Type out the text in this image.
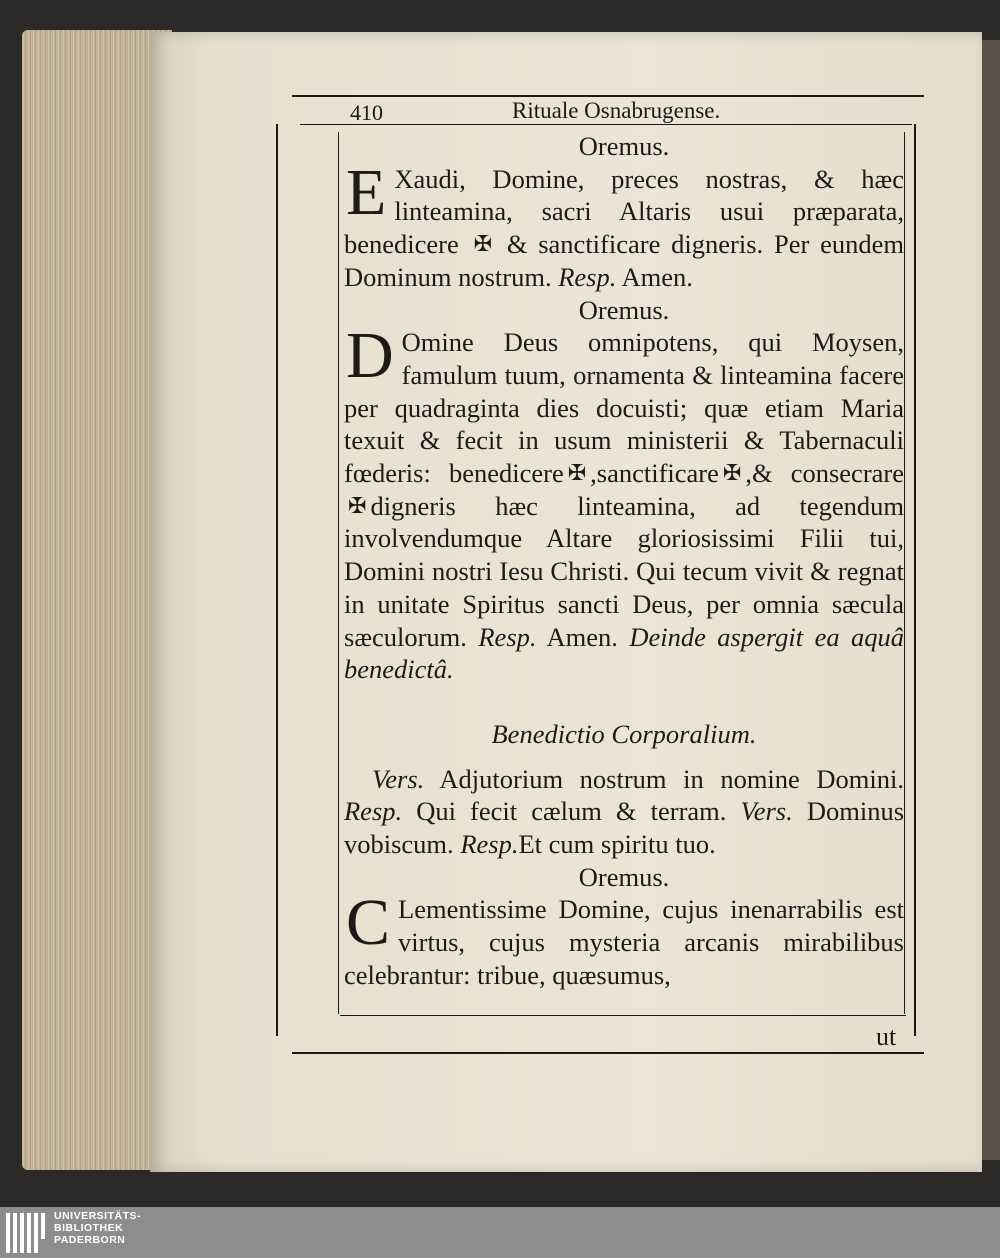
410	Rituale Osnabrugense.
Oremus.

E Xaudi, Domine, preces nostras, & hæc linteamina, sacri Altaris usui præparata, benedicere ✠ & sanctificare digneris. Per eundem Dominum nostrum. Resp. Amen.

Oremus.

D Omine Deus omnipotens, qui Moysen, famulum tuum, ornamenta & linteamina facere per quadraginta dies docuisti; quæ etiam Maria texuit & fecit in usum ministerii & Tabernaculi fœderis: benedicere ✠ ,sanctificare ✠ ,& consecrare✠ digneris hæc linteamina, ad tegendum involvendumque Altare gloriosissimi Filii tui, Domini nostri Iesu Christi. Qui tecum vivit & regnat in unitate Spiritus sancti Deus, per omnia sæcula sæculorum. Resp. Amen. Deinde aspergit ea aquâ benedictâ.

Benedictio Corporalium.

Vers. Adjutorium nostrum in nomine Domini. Resp. Qui fecit cælum & terram. Vers. Dominus vobiscum. Resp.Et cum spiritu tuo.

Oremus.

C Lementissime Domine, cujus inenarrabilis est virtus, cujus mysteria arcanis mirabilibus celebrantur: tribue, quæsumus,

ut
UNIVERSITÄTS-
BIBLIOTHEK
PADERBORN
